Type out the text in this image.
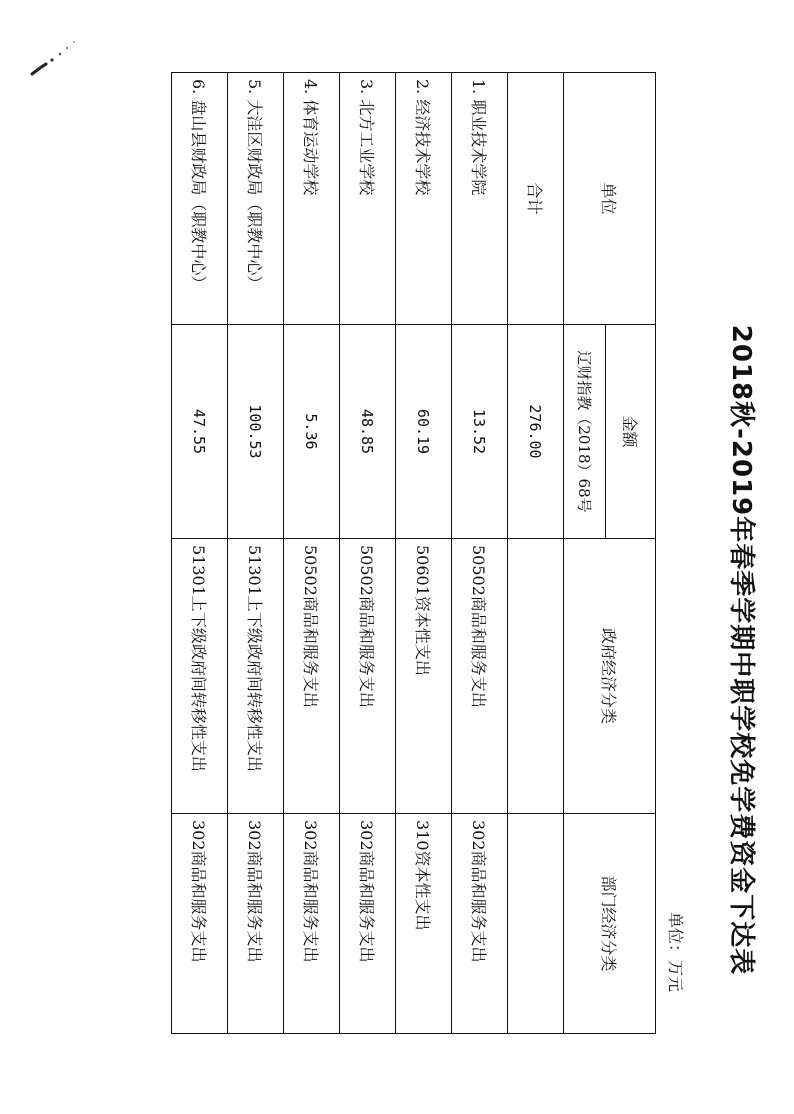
2018秋-2019年春季学期中职学校免学费资金下达表
单位：万元
单位	金额	政府经济分类	部门经济分类
	辽财指教（2018）68号		
合计	276.00		
1. 职业技术学院	13.52	50502商品和服务支出	302商品和服务支出
2. 经济技术学校	60.19	50601资本性支出	310资本性支出
3. 北方工业学校	48.85	50502商品和服务支出	302商品和服务支出
4. 体育运动学校	5.36	50502商品和服务支出	302商品和服务支出
5. 大洼区财政局（职教中心）	100.53	51301上下级政府间转移性支出	302商品和服务支出
6. 盘山县财政局（职教中心）	47.55	51301上下级政府间转移性支出	302商品和服务支出
